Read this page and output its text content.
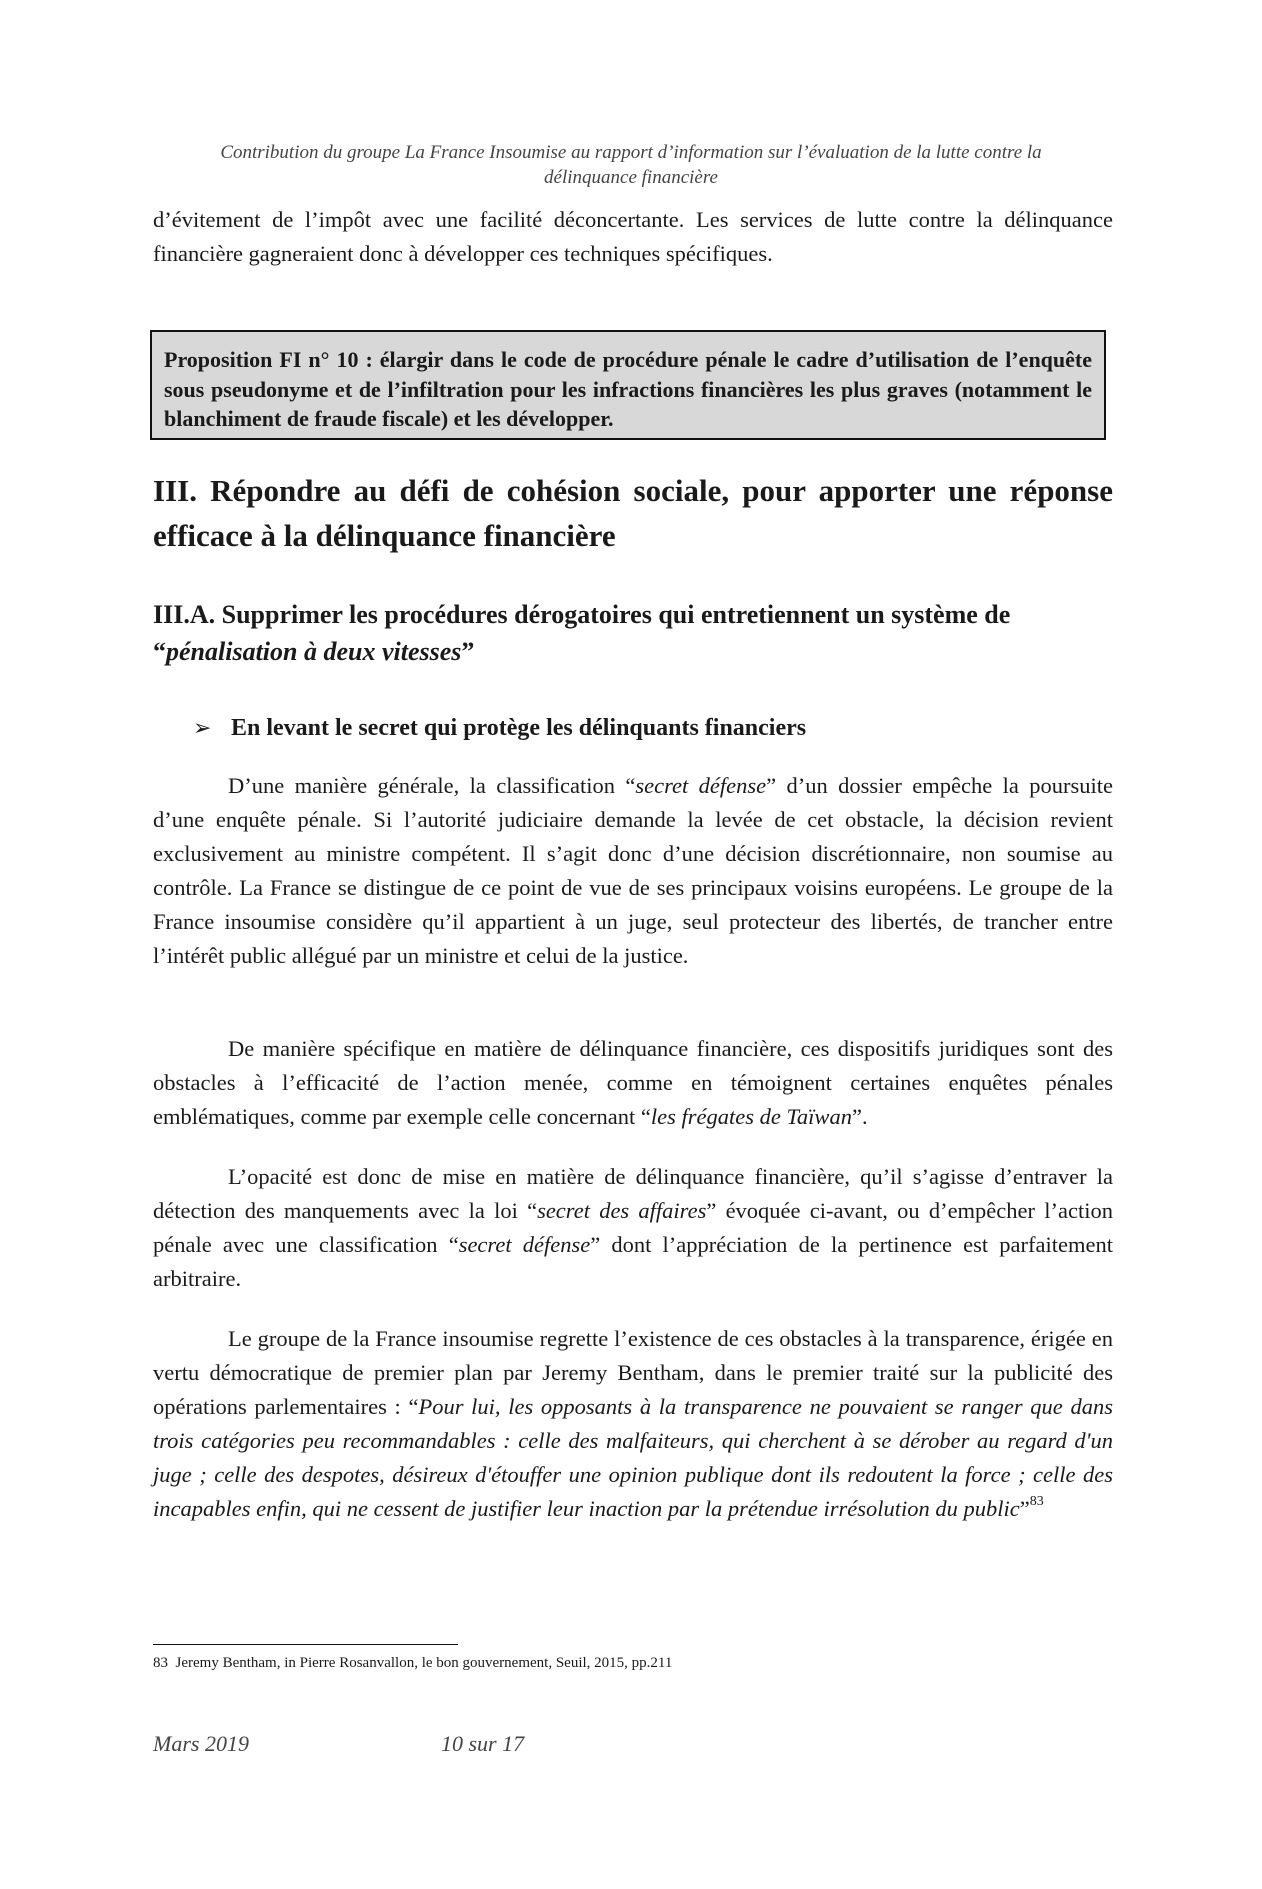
Contribution du groupe La France Insoumise au rapport d’information sur l’évaluation de la lutte contre la
délinquance financière

d’évitement de l’impôt avec une facilité déconcertante. Les services de lutte contre la délinquance financière gagneraient donc à développer ces techniques spécifiques.

Proposition FI n° 10 : élargir dans le code de procédure pénale le cadre d’utilisation de l’enquête sous pseudonyme et de l’infiltration pour les infractions financières les plus graves (notamment le blanchiment de fraude fiscale) et les développer.
III. Répondre au défi de cohésion sociale, pour apporter une réponse efficace à la délinquance financière
III.A. Supprimer les procédures dérogatoires qui entretiennent un système de “pénalisation à deux vitesses”
➢ En levant le secret qui protège les délinquants financiers

D’une manière générale, la classification “secret défense” d’un dossier empêche la poursuite d’une enquête pénale. Si l’autorité judiciaire demande la levée de cet obstacle, la décision revient exclusivement au ministre compétent. Il s’agit donc d’une décision discrétionnaire, non soumise au contrôle. La France se distingue de ce point de vue de ses principaux voisins européens. Le groupe de la France insoumise considère qu’il appartient à un juge, seul protecteur des libertés, de trancher entre l’intérêt public allégué par un ministre et celui de la justice.

De manière spécifique en matière de délinquance financière, ces dispositifs juridiques sont des obstacles à l’efficacité de l’action menée, comme en témoignent certaines enquêtes pénales emblématiques, comme par exemple celle concernant “les frégates de Taïwan”.

L’opacité est donc de mise en matière de délinquance financière, qu’il s’agisse d’entraver la détection des manquements avec la loi “secret des affaires” évoquée ci-avant, ou d’empêcher l’action pénale avec une classification “secret défense” dont l’appréciation de la pertinence est parfaitement arbitraire.

Le groupe de la France insoumise regrette l’existence de ces obstacles à la transparence, érigée en vertu démocratique de premier plan par Jeremy Bentham, dans le premier traité sur la publicité des opérations parlementaires : “Pour lui, les opposants à la transparence ne pouvaient se ranger que dans trois catégories peu recommandables : celle des malfaiteurs, qui cherchent à se dérober au regard d'un juge ; celle des despotes, désireux d'étouffer une opinion publique dont ils redoutent la force ; celle des incapables enfin, qui ne cessent de justifier leur inaction par la prétendue irrésolution du public”$^{83}$

83 Jeremy Bentham, in Pierre Rosanvallon, le bon gouvernement, Seuil, 2015, pp.211
Mars 2019	10 sur 17
